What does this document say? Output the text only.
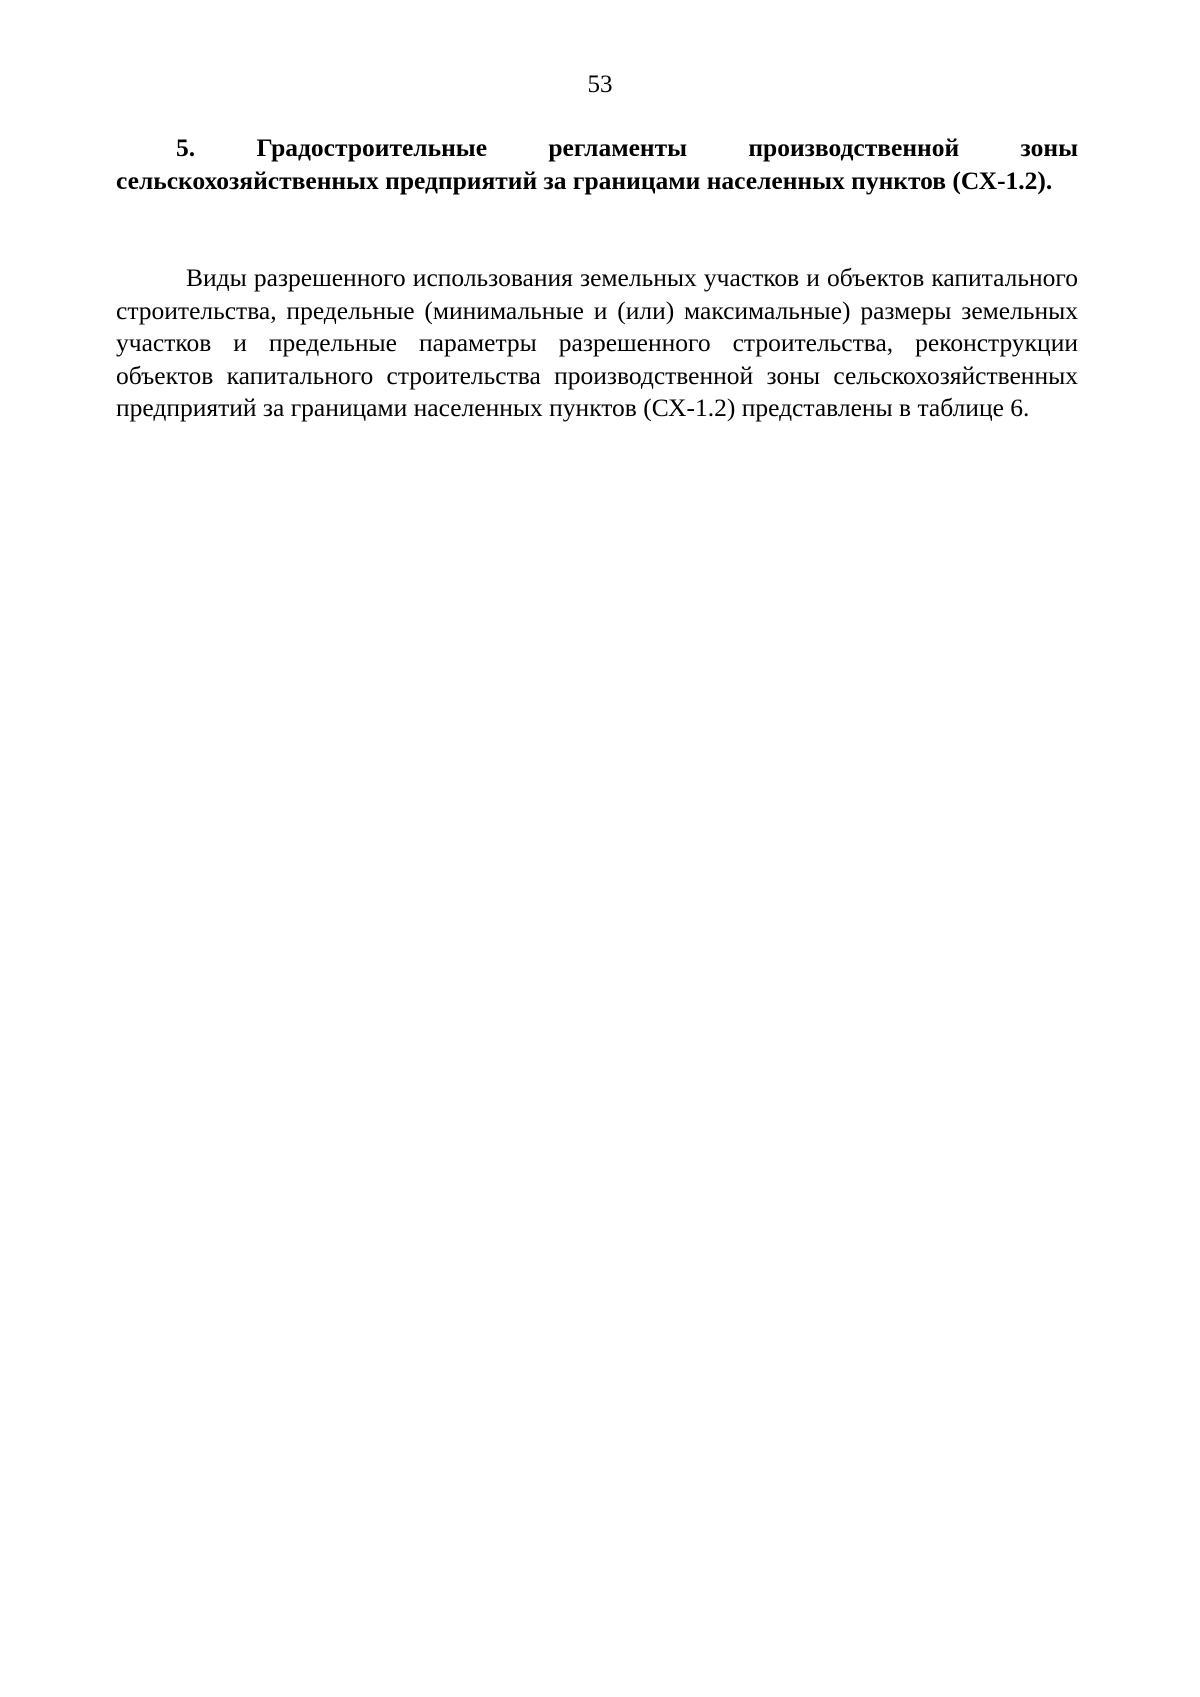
53

5. Градостроительные регламенты производственной зоны сельскохозяйственных предприятий за границами населенных пунктов (СХ-1.2).

Виды разрешенного использования земельных участков и объектов капитального строительства, предельные (минимальные и (или) максимальные) размеры земельных участков и предельные параметры разрешенного строительства, реконструкции объектов капитального строительства производственной зоны сельскохозяйственных предприятий за границами населенных пунктов (СХ-1.2) представлены в таблице 6.
